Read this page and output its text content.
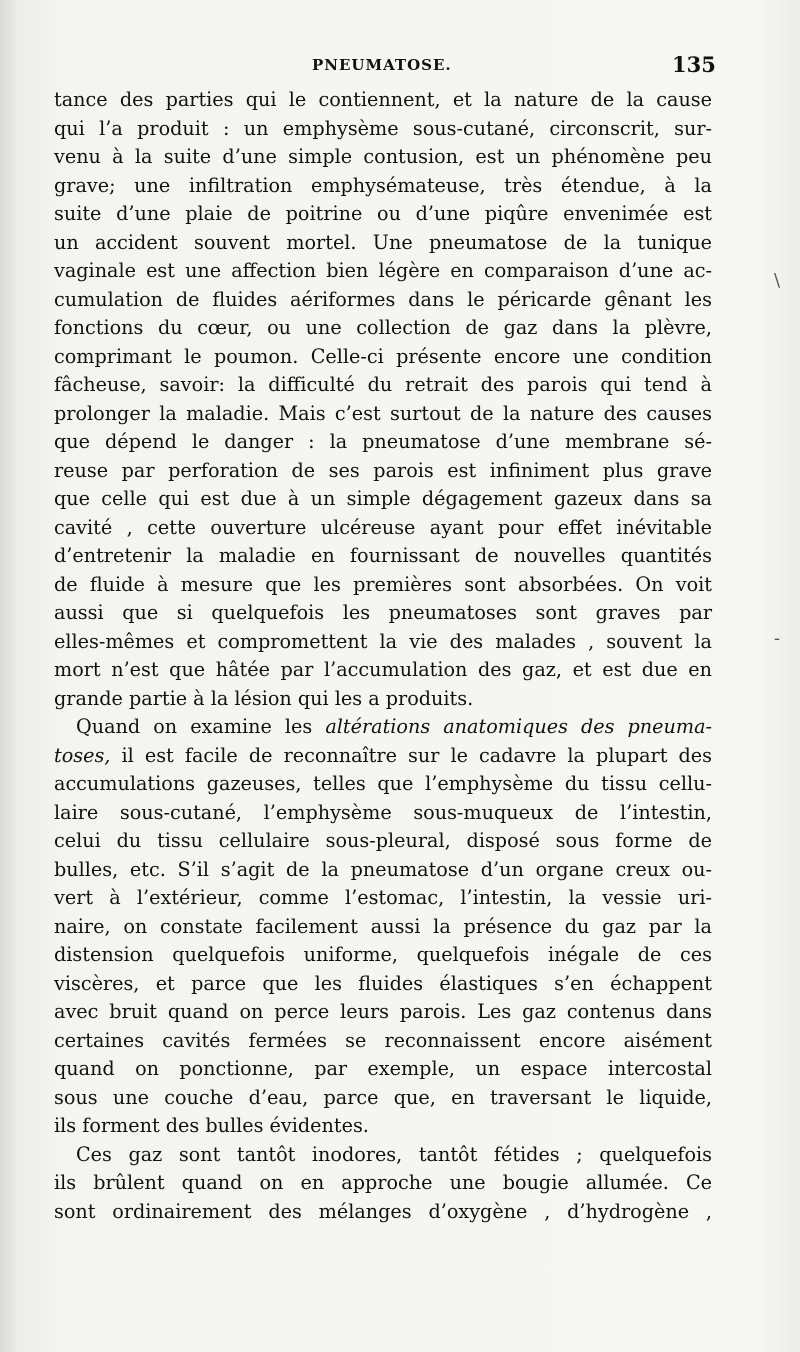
PNEUMATOSE.	135
tance des parties qui le contiennent, et la nature de la cause
qui l’a produit : un emphysème sous-cutané, circonscrit, sur-
venu à la suite d’une simple contusion, est un phénomène peu
grave; une infiltration emphysémateuse, très étendue, à la
suite d’une plaie de poitrine ou d’une piqûre envenimée est
un accident souvent mortel. Une pneumatose de la tunique
vaginale est une affection bien légère en comparaison d’une ac-
cumulation de fluides aériformes dans le péricarde gênant les
fonctions du cœur, ou une collection de gaz dans la plèvre,
comprimant le poumon. Celle-ci présente encore une condition
fâcheuse, savoir: la difficulté du retrait des parois qui tend à
prolonger la maladie. Mais c’est surtout de la nature des causes
que dépend le danger : la pneumatose d’une membrane sé-
reuse par perforation de ses parois est infiniment plus grave
que celle qui est due à un simple dégagement gazeux dans sa
cavité , cette ouverture ulcéreuse ayant pour effet inévitable
d’entretenir la maladie en fournissant de nouvelles quantités
de fluide à mesure que les premières sont absorbées. On voit
aussi que si quelquefois les pneumatoses sont graves par
elles-mêmes et compromettent la vie des malades , souvent la
mort n’est que hâtée par l’accumulation des gaz, et est due en
grande partie à la lésion qui les a produits.
Quand on examine les altérations anatomiques des pneuma-
toses, il est facile de reconnaître sur le cadavre la plupart des
accumulations gazeuses, telles que l’emphysème du tissu cellu-
laire sous-cutané, l’emphysème sous-muqueux de l’intestin,
celui du tissu cellulaire sous-pleural, disposé sous forme de
bulles, etc. S’il s’agit de la pneumatose d’un organe creux ou-
vert à l’extérieur, comme l’estomac, l’intestin, la vessie uri-
naire, on constate facilement aussi la présence du gaz par la
distension quelquefois uniforme, quelquefois inégale de ces
viscères, et parce que les fluides élastiques s’en échappent
avec bruit quand on perce leurs parois. Les gaz contenus dans
certaines cavités fermées se reconnaissent encore aisément
quand on ponctionne, par exemple, un espace intercostal
sous une couche d’eau, parce que, en traversant le liquide,
ils forment des bulles évidentes.
Ces gaz sont tantôt inodores, tantôt fétides ; quelquefois
ils brûlent quand on en approche une bougie allumée. Ce
sont ordinairement des mélanges d’oxygène , d’hydrogène ,
\
-
